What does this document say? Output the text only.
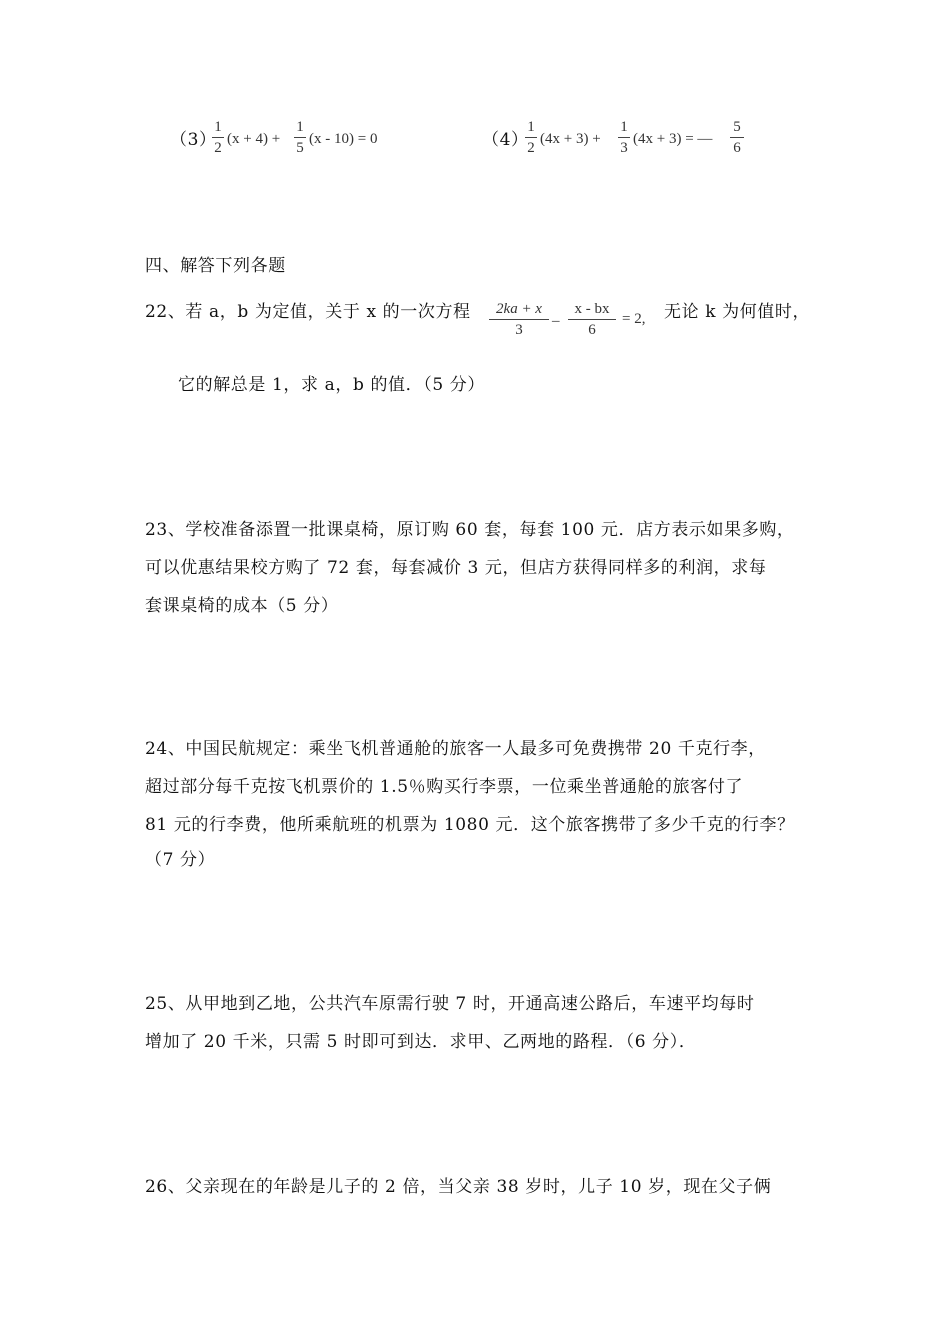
（3）
1
2
(x + 4) +
1
5
(x - 10) = 0	（4）
1
2
(4x + 3) +
1
3
(4x + 3) = —
5
6
四、解答下列各题
22、若 a，b 为定值，关于 x 的一次方程	2ka + x
3
_	x - bx
6
= 2, 无论 k 为何值时，
它的解总是 1，求 a，b 的值．（5 分）
23、学校准备添置一批课桌椅，原订购 60 套，每套 100 元．店方表示如果多购，
可以优惠结果校方购了 72 套，每套减价 3 元，但店方获得同样多的利润，求每
套课桌椅的成本（5 分）
24、中国民航规定：乘坐飞机普通舱的旅客一人最多可免费携带 20 千克行李，
超过部分每千克按飞机票价的 1.5％购买行李票，一位乘坐普通舱的旅客付了
81 元的行李费，他所乘航班的机票为 1080 元．这个旅客携带了多少千克的行李？
（7 分）
25、从甲地到乙地，公共汽车原需行驶 7 时，开通高速公路后，车速平均每时
增加了 20 千米，只需 5 时即可到达．求甲、乙两地的路程．（6 分）．
26、父亲现在的年龄是儿子的 2 倍，当父亲 38 岁时，儿子 10 岁，现在父子俩
